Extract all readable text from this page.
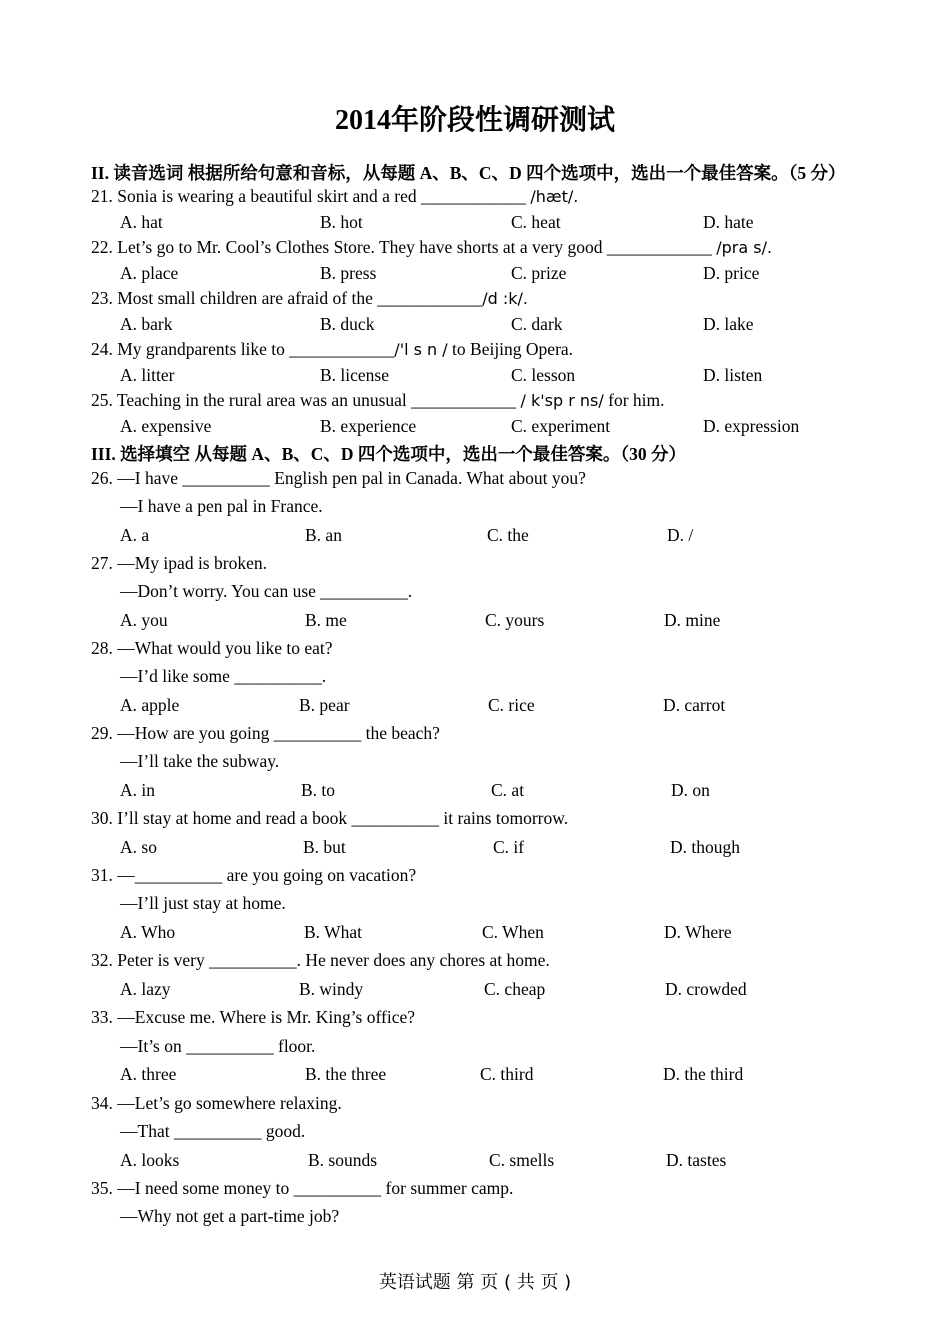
2014年阶段性调研测试
II. 读音选词 根据所给句意和音标，从每题 A、B、C、D 四个选项中，选出一个最佳答案。（5 分）
21. Sonia is wearing a beautiful skirt and a red ____________ /hæt/.
A. hat	B. hot	C. heat	D. hate
22. Let’s go to Mr. Cool’s Clothes Store. They have shorts at a very good ____________ /pra s/.
A. place	B. press	C. prize	D. price
23. Most small children are afraid of the ____________/d :k/.
A. bark	B. duck	C. dark	D. lake
24. My grandparents like to ____________/'l s n / to Beijing Opera.
A. litter	B. license	C. lesson	D. listen
25. Teaching in the rural area was an unusual ____________ / k'sp r ns/ for him.
A. expensive	B. experience	C. experiment	D. expression
III. 选择填空 从每题 A、B、C、D 四个选项中，选出一个最佳答案。（30 分）
26. —I have __________ English pen pal in Canada. What about you?
—I have a pen pal in France.
A. a	B. an	C. the	D. /
27. —My ipad is broken.
—Don’t worry. You can use __________.
A. you	B. me	C. yours	D. mine
28. —What would you like to eat?
—I’d like some __________.
A. apple	B. pear	C. rice	D. carrot
29. —How are you going __________ the beach?
—I’ll take the subway.
A. in	B. to	C. at	D. on
30. I’ll stay at home and read a book __________ it rains tomorrow.
A. so	B. but	C. if	D. though
31. —__________ are you going on vacation?
—I’ll just stay at home.
A. Who	B. What	C. When	D. Where
32. Peter is very __________. He never does any chores at home.
A. lazy	B. windy	C. cheap	D. crowded
33. —Excuse me. Where is Mr. King’s office?
—It’s on __________ floor.
A. three	B. the three	C. third	D. the third
34. —Let’s go somewhere relaxing.
—That __________ good.
A. looks	B. sounds	C. smells	D. tastes
35. —I need some money to __________ for summer camp.
—Why not get a part-time job?
英语试题 第 页 ( 共 页 )
